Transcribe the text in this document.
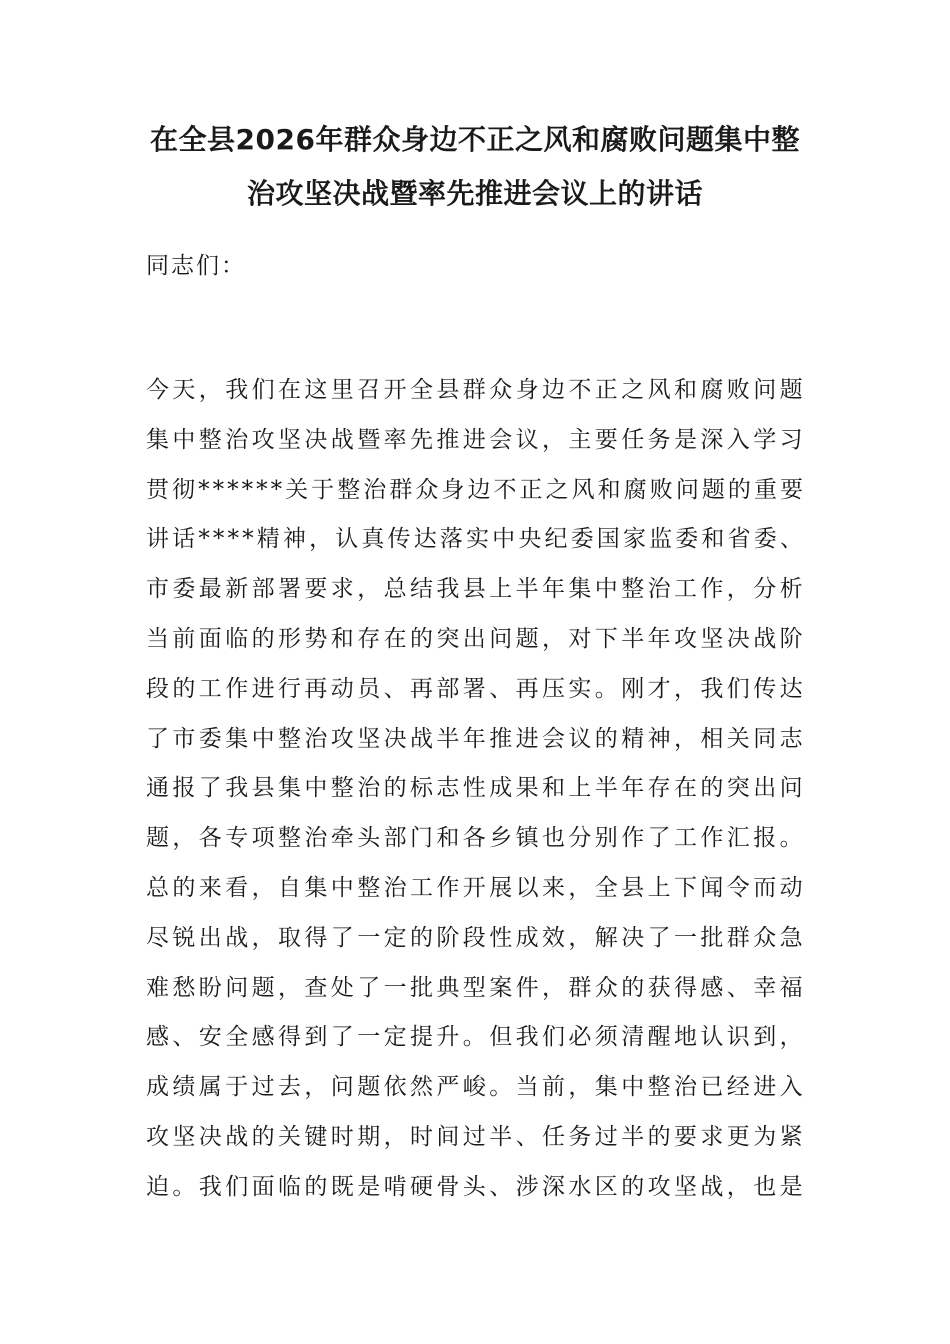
在全县2026年群众身边不正之风和腐败问题集中整
治攻坚决战暨率先推进会议上的讲话

同志们：

今天，我们在这里召开全县群众身边不正之风和腐败问题
集中整治攻坚决战暨率先推进会议，主要任务是深入学习
贯彻******关于整治群众身边不正之风和腐败问题的重要
讲话****精神，认真传达落实中央纪委国家监委和省委、
市委最新部署要求，总结我县上半年集中整治工作，分析
当前面临的形势和存在的突出问题，对下半年攻坚决战阶
段的工作进行再动员、再部署、再压实。刚才，我们传达
了市委集中整治攻坚决战半年推进会议的精神，相关同志
通报了我县集中整治的标志性成果和上半年存在的突出问
题，各专项整治牵头部门和各乡镇也分别作了工作汇报。
总的来看，自集中整治工作开展以来，全县上下闻令而动
尽锐出战，取得了一定的阶段性成效，解决了一批群众急
难愁盼问题，查处了一批典型案件，群众的获得感、幸福
感、安全感得到了一定提升。但我们必须清醒地认识到，
成绩属于过去，问题依然严峻。当前，集中整治已经进入
攻坚决战的关键时期，时间过半、任务过半的要求更为紧
迫。我们面临的既是啃硬骨头、涉深水区的攻坚战，也是
